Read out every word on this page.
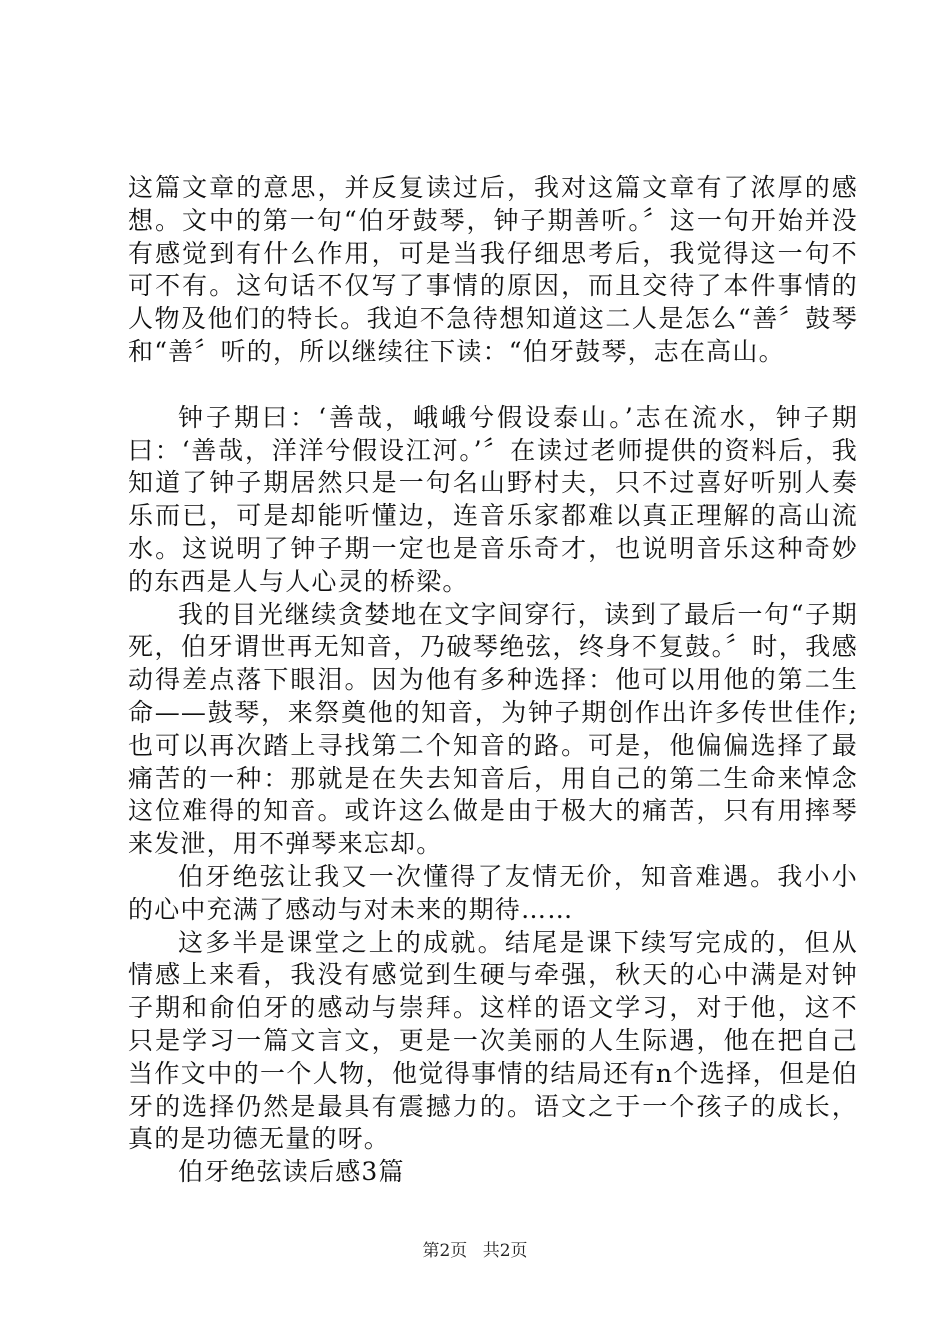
这篇文章的意思，并反复读过后，我对这篇文章有了浓厚的感想。文中的第一句“伯牙鼓琴，钟子期善听。〞这一句开始并没有感觉到有什么作用，可是当我仔细思考后，我觉得这一句不可不有。这句话不仅写了事情的原因，而且交待了本件事情的人物及他们的特长。我迫不急待想知道这二人是怎么“善〞鼓琴和“善〞听的，所以继续往下读：“伯牙鼓琴，志在高山。

钟子期曰：‘善哉，峨峨兮假设泰山。’志在流水，钟子期曰：‘善哉，洋洋兮假设江河。’〞在读过老师提供的资料后，我知道了钟子期居然只是一句名山野村夫，只不过喜好听别人奏乐而已，可是却能听懂边，连音乐家都难以真正理解的高山流水。这说明了钟子期一定也是音乐奇才，也说明音乐这种奇妙的东西是人与人心灵的桥梁。

我的目光继续贪婪地在文字间穿行，读到了最后一句“子期死，伯牙谓世再无知音，乃破琴绝弦，终身不复鼓。〞时，我感动得差点落下眼泪。因为他有多种选择：他可以用他的第二生命——鼓琴，来祭奠他的知音，为钟子期创作出许多传世佳作;也可以再次踏上寻找第二个知音的路。可是，他偏偏选择了最痛苦的一种：那就是在失去知音后，用自己的第二生命来悼念这位难得的知音。或许这么做是由于极大的痛苦，只有用摔琴来发泄，用不弹琴来忘却。

伯牙绝弦让我又一次懂得了友情无价，知音难遇。我小小的心中充满了感动与对未来的期待……

这多半是课堂之上的成就。结尾是课下续写完成的，但从情感上来看，我没有感觉到生硬与牵强，秋天的心中满是对钟子期和俞伯牙的感动与崇拜。这样的语文学习，对于他，这不只是学习一篇文言文，更是一次美丽的人生际遇，他在把自己当作文中的一个人物，他觉得事情的结局还有n个选择，但是伯牙的选择仍然是最具有震撼力的。语文之于一个孩子的成长，真的是功德无量的呀。

伯牙绝弦读后感3篇

第2页 共2页
